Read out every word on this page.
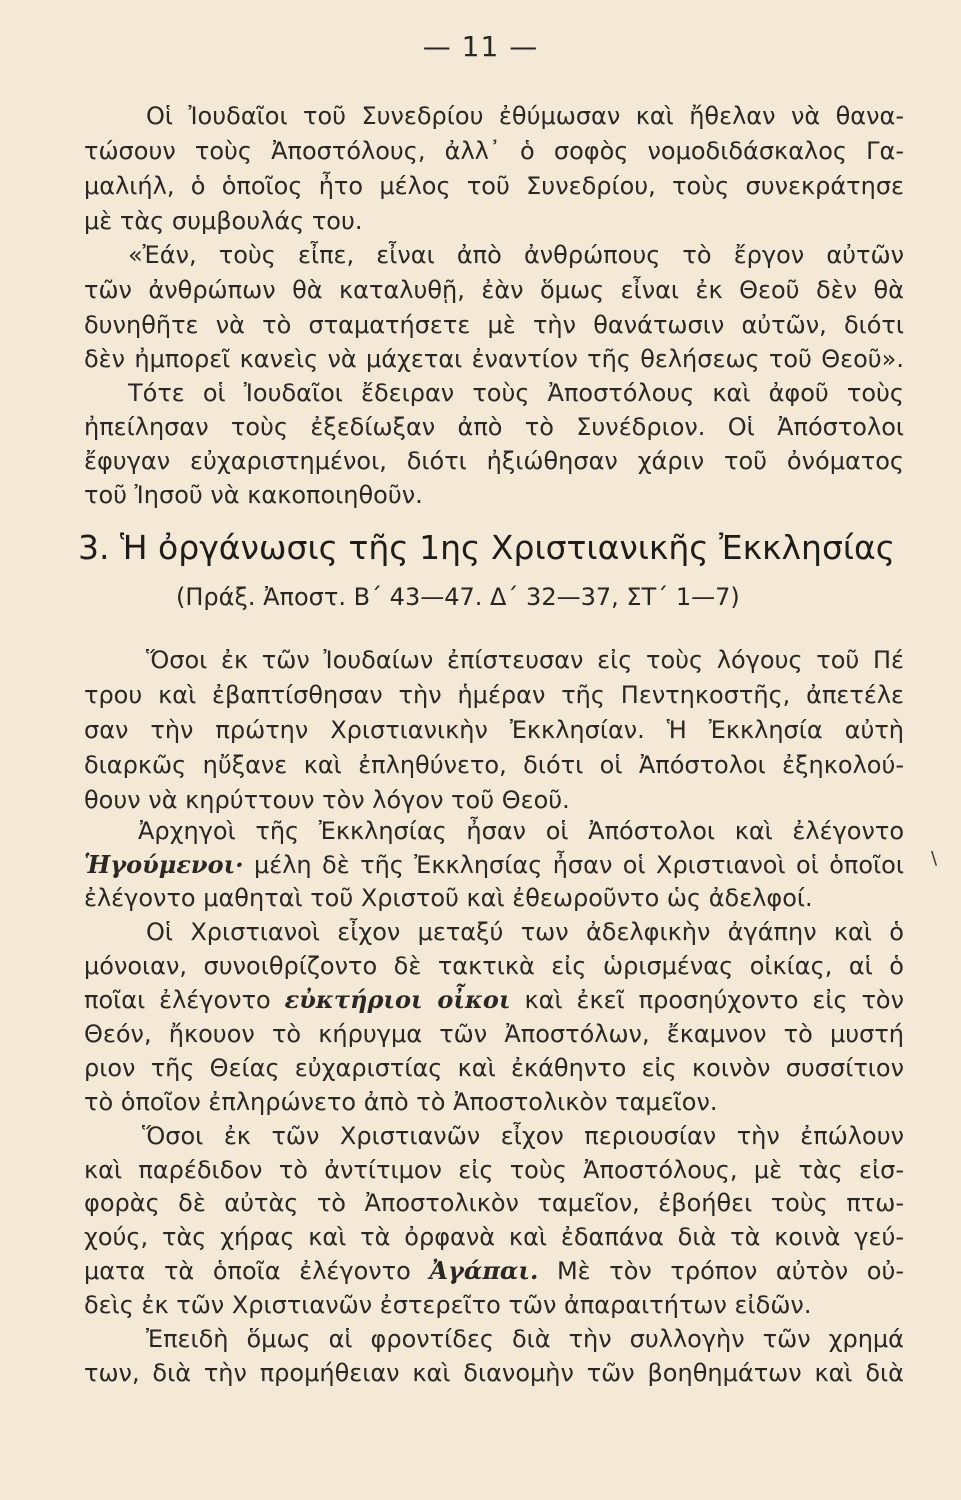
— 11 —
Οἱ Ἰουδαῖοι τοῦ Συνεδρίου ἐθύμωσαν καὶ ἤθελαν νὰ θανα-
τώσουν τοὺς Ἀποστόλους, ἀλλ᾽ ὁ σοφὸς νομοδιδάσκαλος Γα-
μαλιήλ, ὁ ὁποῖος ἦτο μέλος τοῦ Συνεδρίου, τοὺς συνεκράτησε
μὲ τὰς συμβουλάς του.
«Ἐάν, τοὺς εἶπε, εἶναι ἀπὸ ἀνθρώπους τὸ ἔργον αὐτῶν
τῶν ἀνθρώπων θὰ καταλυθῇ, ἐὰν ὅμως εἶναι ἐκ Θεοῦ δὲν θὰ
δυνηθῆτε νὰ τὸ σταματήσετε μὲ τὴν θανάτωσιν αὐτῶν, διότι
δὲν ἠμπορεῖ κανεὶς νὰ μάχεται ἐναντίον τῆς θελήσεως τοῦ Θεοῦ».
Τότε οἱ Ἰουδαῖοι ἔδειραν τοὺς Ἀποστόλους καὶ ἀφοῦ τοὺς
ἠπείλησαν τοὺς ἐξεδίωξαν ἀπὸ τὸ Συνέδριον. Οἱ Ἀπόστολοι
ἔφυγαν εὐχαριστημένοι, διότι ἠξιώθησαν χάριν τοῦ ὀνόματος
τοῦ Ἰησοῦ νὰ κακοποιηθοῦν.
3. Ἡ ὀργάνωσις τῆς 1ης Χριστιανικῆς Ἐκκλησίας
(Πράξ. Ἀποστ. Β΄ 43—47. Δ΄ 32—37, ΣΤ΄ 1—7)
Ὅσοι ἐκ τῶν Ἰουδαίων ἐπίστευσαν εἰς τοὺς λόγους τοῦ Πέ
τρου καὶ ἐβαπτίσθησαν τὴν ἡμέραν τῆς Πεντηκοστῆς, ἀπετέλε
σαν τὴν πρώτην Χριστιανικὴν Ἐκκλησίαν. Ἡ Ἐκκλησία αὐτὴ
διαρκῶς ηὔξανε καὶ ἐπληθύνετο, διότι οἱ Ἀπόστολοι ἐξηκολού-
θουν νὰ κηρύττουν τὸν λόγον τοῦ Θεοῦ.
Ἀρχηγοὶ τῆς Ἐκκλησίας ἦσαν οἱ Ἀπόστολοι καὶ ἐλέγοντο
Ἡγούμενοι· μέλη δὲ τῆς Ἐκκλησίας ἦσαν οἱ Χριστιανοὶ οἱ ὁποῖοι
ἐλέγοντο μαθηταὶ τοῦ Χριστοῦ καὶ ἐθεωροῦντο ὡς ἀδελφοί.
Οἱ Χριστιανοὶ εἶχον μεταξύ των ἀδελφικὴν ἀγάπην καὶ ὁ
μόνοιαν, συνοιθρίζοντο δὲ τακτικὰ εἰς ὡρισμένας οἰκίας, αἱ ὁ
ποῖαι ἐλέγοντο εὐκτήριοι οἶκοι καὶ ἐκεῖ προσηύχοντο εἰς τὸν
Θεόν, ἤκουον τὸ κήρυγμα τῶν Ἀποστόλων, ἔκαμνον τὸ μυστή
ριον τῆς Θείας εὐχαριστίας καὶ ἐκάθηντο εἰς κοινὸν συσσίτιον
τὸ ὁποῖον ἐπληρώνετο ἀπὸ τὸ Ἀποστολικὸν ταμεῖον.
Ὅσοι ἐκ τῶν Χριστιανῶν εἶχον περιουσίαν τὴν ἐπώλουν
καὶ παρέδιδον τὸ ἀντίτιμον εἰς τοὺς Ἀποστόλους, μὲ τὰς εἰσ-
φορὰς δὲ αὐτὰς τὸ Ἀποστολικὸν ταμεῖον, ἐβοήθει τοὺς πτω-
χούς, τὰς χήρας καὶ τὰ ὀρφανὰ καὶ ἐδαπάνα διὰ τὰ κοινὰ γεύ-
ματα τὰ ὁποῖα ἐλέγοντο Ἀγάπαι. Μὲ τὸν τρόπον αὐτὸν οὐ-
δεὶς ἐκ τῶν Χριστιανῶν ἐστερεῖτο τῶν ἀπαραιτήτων εἰδῶν.
Ἐπειδὴ ὅμως αἱ φροντίδες διὰ τὴν συλλογὴν τῶν χρημά
των, διὰ τὴν προμήθειαν καὶ διανομὴν τῶν βοηθημάτων καὶ διὰ
\
